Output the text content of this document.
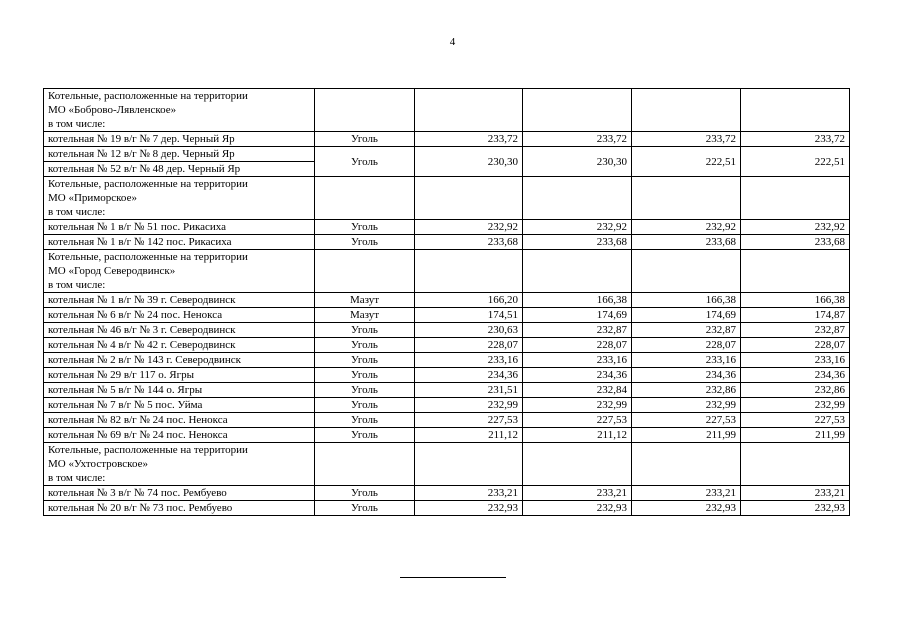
4
Котельные, расположенные на территории
МО «Боброво-Лявленское»
в том числе:					

котельная № 19 в/г № 7 дер. Черный Яр	Уголь	233,72	233,72	233,72	233,72
котельная № 12 в/г № 8 дер. Черный Яр	Уголь	230,30	230,30	222,51	222,51
котельная № 52 в/г № 48 дер. Черный Яр					

Котельные, расположенные на территории
МО «Приморское»
в том числе:					

котельная № 1 в/г № 51 пос. Рикасиха	Уголь	232,92	232,92	232,92	232,92
котельная № 1 в/г № 142 пос. Рикасиха	Уголь	233,68	233,68	233,68	233,68

Котельные, расположенные на территории
МО «Город Северодвинск»
в том числе:					

котельная № 1 в/г № 39 г. Северодвинск	Мазут	166,20	166,38	166,38	166,38
котельная № 6 в/г № 24 пос. Ненокса	Мазут	174,51	174,69	174,69	174,87
котельная № 46 в/г № 3 г. Северодвинск	Уголь	230,63	232,87	232,87	232,87
котельная № 4 в/г № 42 г. Северодвинск	Уголь	228,07	228,07	228,07	228,07
котельная № 2 в/г № 143 г. Северодвинск	Уголь	233,16	233,16	233,16	233,16
котельная № 29 в/г 117 о. Ягры	Уголь	234,36	234,36	234,36	234,36
котельная № 5 в/г № 144 о. Ягры	Уголь	231,51	232,84	232,86	232,86
котельная № 7 в/г № 5 пос. Уйма	Уголь	232,99	232,99	232,99	232,99
котельная № 82 в/г № 24 пос. Ненокса	Уголь	227,53	227,53	227,53	227,53
котельная № 69 в/г № 24 пос. Ненокса	Уголь	211,12	211,12	211,99	211,99

Котельные, расположенные на территории
МО «Ухтостровское»
в том числе:					

котельная № 3 в/г № 74 пос. Рембуево	Уголь	233,21	233,21	233,21	233,21
котельная № 20 в/г № 73 пос. Рембуево	Уголь	232,93	232,93	232,93	232,93
